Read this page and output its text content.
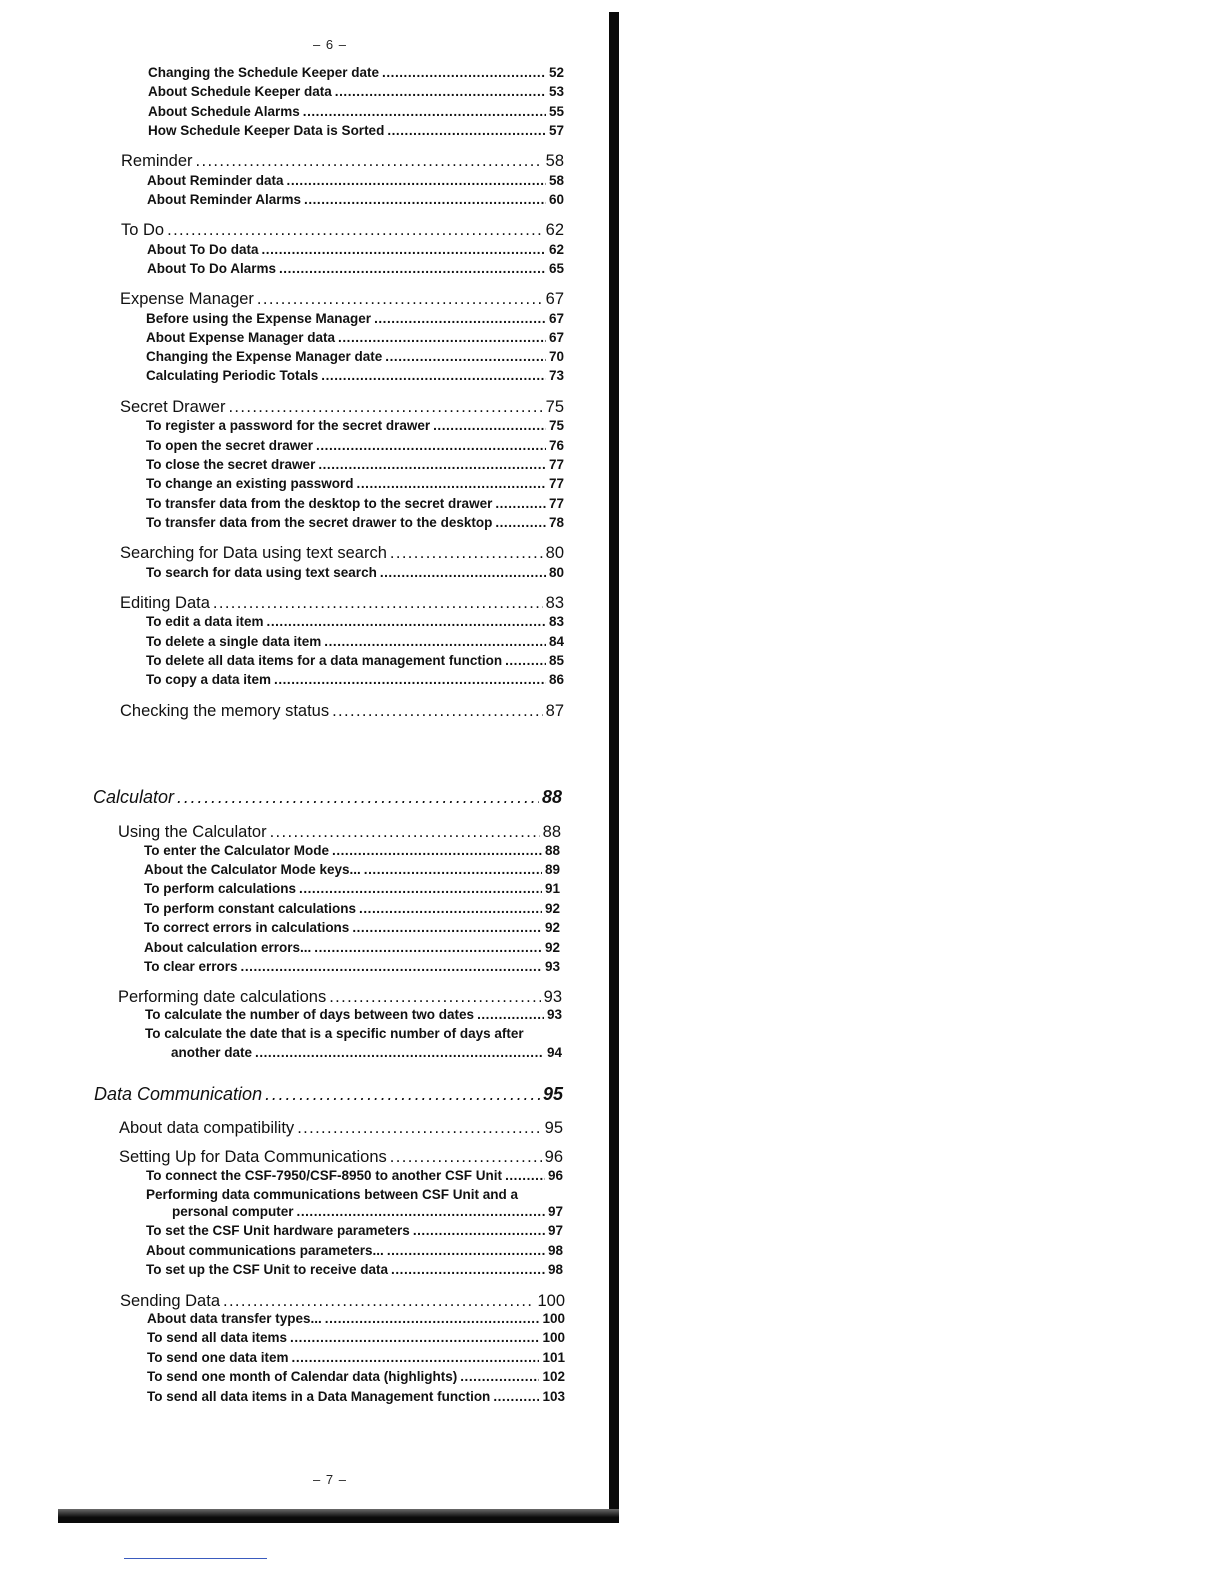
– 6 –
Changing the Schedule Keeper date . . .	52
About Schedule Keeper data . . .	53
About Schedule Alarms . . .	55
How Schedule Keeper Data is Sorted . . .	57
Reminder . . .	58
About Reminder data . . .	58
About Reminder Alarms . . .	60
To Do . . .	62
About To Do data . . .	62
About To Do Alarms . . .	65
Expense Manager . . .	67
Before using the Expense Manager . . .	67
About Expense Manager data . . .	67
Changing the Expense Manager date . . .	70
Calculating Periodic Totals . . .	73
Secret Drawer . . .	75
To register a password for the secret drawer . . .	75
To open the secret drawer . . .	76
To close the secret drawer . . .	77
To change an existing password . . .	77
To transfer data from the desktop to the secret drawer . . .	77
To transfer data from the secret drawer to the desktop . . .	78
Searching for Data using text search . . .	80
To search for data using text search . . .	80
Editing Data . . .	83
To edit a data item . . .	83
To delete a single data item . . .	84
To delete all data items for a data management function . . .	85
To copy a data item . . .	86
Checking the memory status . . .	87
Calculator . . .	88
Using the Calculator . . .	88
To enter the Calculator Mode . . .	88
About the Calculator Mode keys... . . .	89
To perform calculations . . .	91
To perform constant calculations . . .	92
To correct errors in calculations . . .	92
About calculation errors... . . .	92
To clear errors . . .	93
Performing date calculations . . .	93
To calculate the number of days between two dates . . .	93
To calculate the date that is a specific number of days after
another date . . .	94
Data Communication . . .	95
About data compatibility . . .	95
Setting Up for Data Communications . . .	96
To connect the CSF-7950/CSF-8950 to another CSF Unit . . .	96
Performing data communications between CSF Unit and a
personal computer . . .	97
To set the CSF Unit hardware parameters . . .	97
About communications parameters... . . .	98
To set up the CSF Unit to receive data . . .	98
Sending Data . . .	100
About data transfer types... . . .	100
To send all data items . . .	100
To send one data item . . .	101
To send one month of Calendar data (highlights) . . .	102
To send all data items in a Data Management function . . .	103
– 7 –
